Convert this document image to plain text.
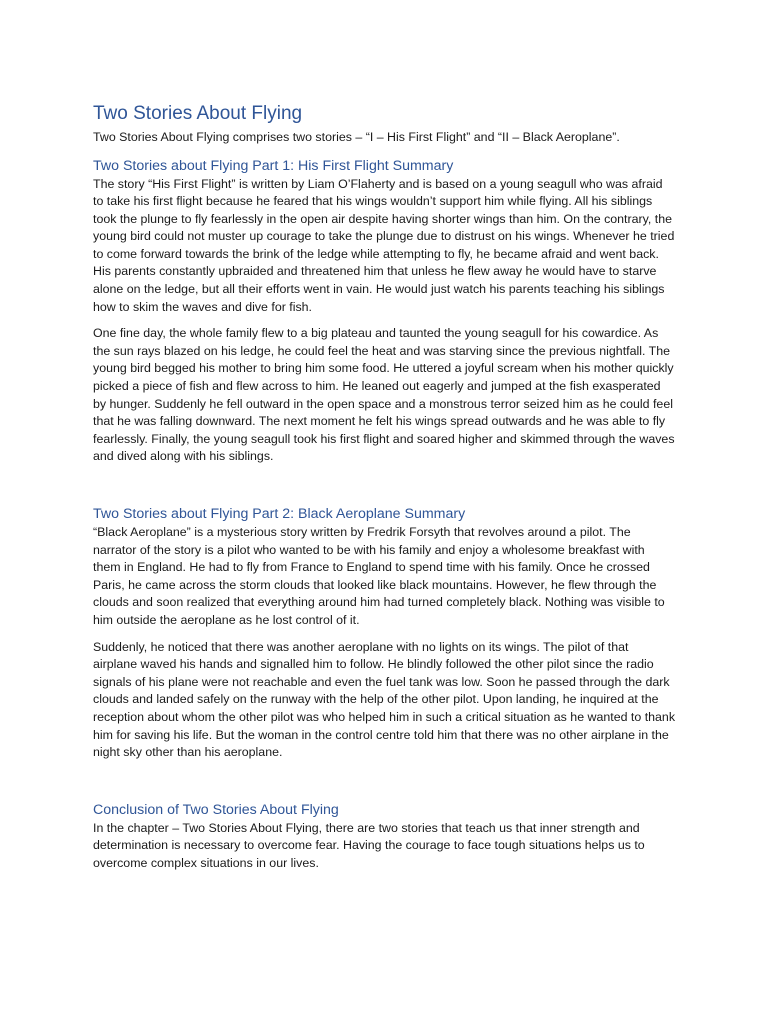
Two Stories About Flying

Two Stories About Flying comprises two stories – “I – His First Flight” and “II – Black Aeroplane”.

Two Stories about Flying Part 1: His First Flight Summary

The story “His First Flight” is written by Liam O’Flaherty and is based on a young seagull who was afraid to take his first flight because he feared that his wings wouldn’t support him while flying. All his siblings took the plunge to fly fearlessly in the open air despite having shorter wings than him. On the contrary, the young bird could not muster up courage to take the plunge due to distrust on his wings. Whenever he tried to come forward towards the brink of the ledge while attempting to fly, he became afraid and went back. His parents constantly upbraided and threatened him that unless he flew away he would have to starve alone on the ledge, but all their efforts went in vain. He would just watch his parents teaching his siblings how to skim the waves and dive for fish.

One fine day, the whole family flew to a big plateau and taunted the young seagull for his cowardice. As the sun rays blazed on his ledge, he could feel the heat and was starving since the previous nightfall. The young bird begged his mother to bring him some food. He uttered a joyful scream when his mother quickly picked a piece of fish and flew across to him. He leaned out eagerly and jumped at the fish exasperated by hunger. Suddenly he fell outward in the open space and a monstrous terror seized him as he could feel that he was falling downward. The next moment he felt his wings spread outwards and he was able to fly fearlessly. Finally, the young seagull took his first flight and soared higher and skimmed through the waves and dived along with his siblings.

Two Stories about Flying Part 2: Black Aeroplane Summary

“Black Aeroplane” is a mysterious story written by Fredrik Forsyth that revolves around a pilot. The narrator of the story is a pilot who wanted to be with his family and enjoy a wholesome breakfast with them in England. He had to fly from France to England to spend time with his family. Once he crossed Paris, he came across the storm clouds that looked like black mountains. However, he flew through the clouds and soon realized that everything around him had turned completely black. Nothing was visible to him outside the aeroplane as he lost control of it.

Suddenly, he noticed that there was another aeroplane with no lights on its wings. The pilot of that airplane waved his hands and signalled him to follow. He blindly followed the other pilot since the radio signals of his plane were not reachable and even the fuel tank was low. Soon he passed through the dark clouds and landed safely on the runway with the help of the other pilot. Upon landing, he inquired at the reception about whom the other pilot was who helped him in such a critical situation as he wanted to thank him for saving his life. But the woman in the control centre told him that there was no other airplane in the night sky other than his aeroplane.

Conclusion of Two Stories About Flying

In the chapter – Two Stories About Flying, there are two stories that teach us that inner strength and determination is necessary to overcome fear. Having the courage to face tough situations helps us to overcome complex situations in our lives.
